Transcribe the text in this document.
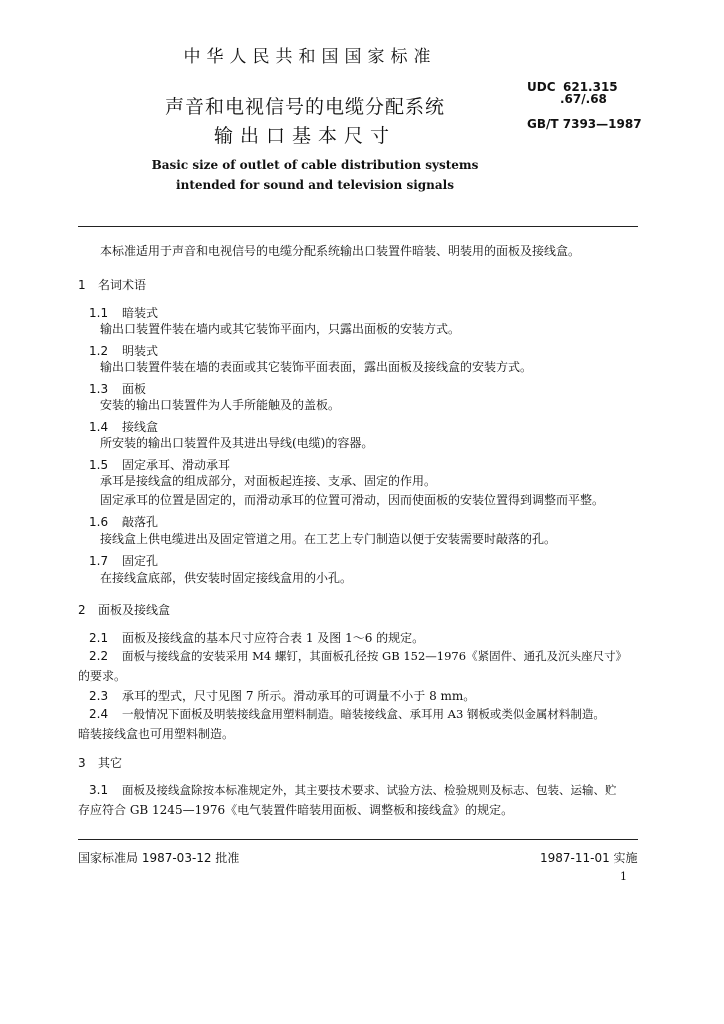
中华人民共和国国家标准
UDC 621.315
.67/.68
GB/T 7393—1987
声音和电视信号的电缆分配系统
输出口基本尺寸
Basic size of outlet of cable distribution systems
intended for sound and television signals
本标准适用于声音和电视信号的电缆分配系统输出口装置件暗装、明装用的面板及接线盒。
1 名词术语
1.1 暗装式
输出口装置件装在墙内或其它装饰平面内，只露出面板的安装方式。
1.2 明装式
输出口装置件装在墙的表面或其它装饰平面表面，露出面板及接线盒的安装方式。
1.3 面板
安装的输出口装置件为人手所能触及的盖板。
1.4 接线盒
所安装的输出口装置件及其进出导线(电缆)的容器。
1.5 固定承耳、滑动承耳
承耳是接线盒的组成部分，对面板起连接、支承、固定的作用。
固定承耳的位置是固定的，而滑动承耳的位置可滑动，因而使面板的安装位置得到调整而平整。
1.6 敲落孔
接线盒上供电缆进出及固定管道之用。在工艺上专门制造以便于安装需要时敲落的孔。
1.7 固定孔
在接线盒底部，供安装时固定接线盒用的小孔。
2 面板及接线盒
2.1 面板及接线盒的基本尺寸应符合表 1 及图 1～6 的规定。
2.2 面板与接线盒的安装采用 M4 螺钉，其面板孔径按 GB 152—1976《紧固件、通孔及沉头座尺寸》
的要求。
2.3 承耳的型式，尺寸见图 7 所示。滑动承耳的可调量不小于 8 mm。
2.4 一般情况下面板及明装接线盒用塑料制造。暗装接线盒、承耳用 A3 钢板或类似金属材料制造。
暗装接线盒也可用塑料制造。
3 其它
3.1 面板及接线盒除按本标准规定外，其主要技术要求、试验方法、检验规则及标志、包装、运输、贮
存应符合 GB 1245—1976《电气装置件暗装用面板、调整板和接线盒》的规定。
国家标准局 1987-03-12 批准	1987-11-01 实施
1
